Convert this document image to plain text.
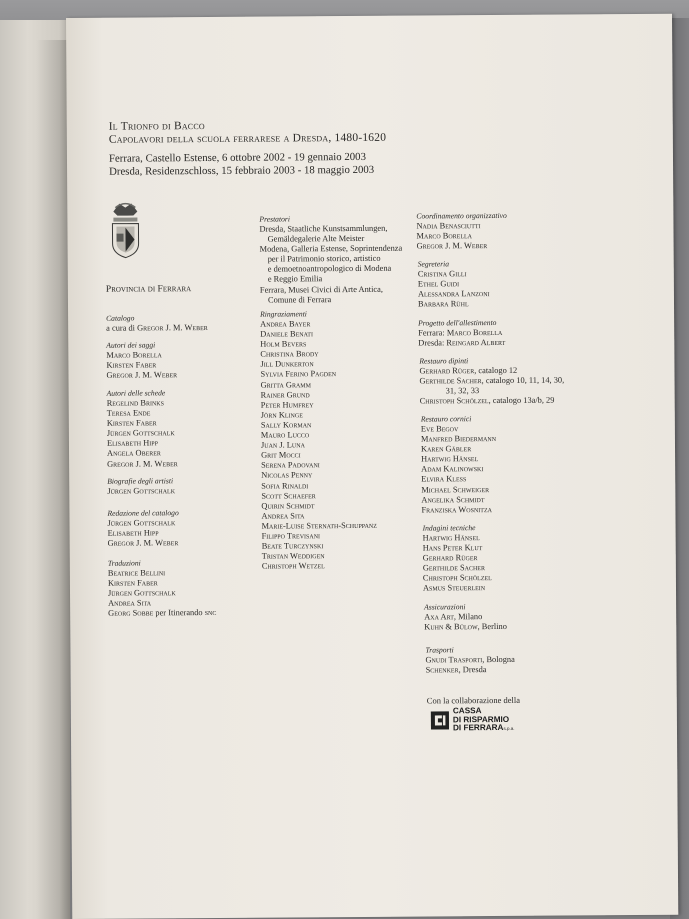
Il Trionfo di Bacco
Capolavori della scuola ferrarese a Dresda, 1480-1620
Ferrara, Castello Estense, 6 ottobre 2002 - 19 gennaio 2003
Dresda, Residenzschloss, 15 febbraio 2003 - 18 maggio 2003
Provincia di Ferrara
Catalogo
a cura di Gregor J. M. Weber
Autori dei saggi
Marco Borella
Kirsten Faber
Gregor J. M. Weber
Autori delle schede
Regelind Brinks
Teresa Ende
Kirsten Faber
Jürgen Gottschalk
Elisabeth Hipp
Angela Oberer
Gregor J. M. Weber
Biografie degli artisti
Jürgen Gottschalk
Redazione del catalogo
Jürgen Gottschalk
Elisabeth Hipp
Gregor J. M. Weber
Traduzioni
Beatrice Bellini
Kirsten Faber
Jürgen Gottschalk
Andrea Sita
Georg Sobbe per Itinerando snc
Prestatori
Dresda, Staatliche Kunstsammlungen,
Gemäldegalerie Alte Meister
Modena, Galleria Estense, Soprintendenza
per il Patrimonio storico, artistico
e demoetnoantropologico di Modena
e Reggio Emilia
Ferrara, Musei Civici di Arte Antica,
Comune di Ferrara
Ringraziamenti
Andrea Bayer
Daniele Benati
Holm Bevers
Christina Brody
Jill Dunkerton
Sylvia Ferino Pagden
Gritta Gramm
Rainer Grund
Peter Humfrey
Jörn Klinge
Sally Korman
Mauro Lucco
Juan J. Luna
Grit Mocci
Serena Padovani
Nicolas Penny
Sofia Rinaldi
Scott Schaefer
Quirin Schmidt
Andrea Sita
Marie-Luise Sternath-Schuppanz
Filippo Trevisani
Beate Turczynski
Tristan Weddigen
Christoph Wetzel
Coordinamento organizzativo
Nadia Benasciutti
Marco Borella
Gregor J. M. Weber
Segreteria
Cristina Gilli
Ethel Guidi
Alessandra Lanzoni
Barbara Rühl
Progetto dell'allestimento
Ferrara: Marco Borella
Dresda: Reingard Albert
Restauro dipinti
Gerhard Rüger, catalogo 12
Gerthilde Sacher, catalogo 10, 11, 14, 30,
31, 32, 33
Christoph Schölzel, catalogo 13a/b, 29
Restauro cornici
Eve Begov
Manfred Biedermann
Karen Gäbler
Hartwig Hänsel
Adam Kalinowski
Elvira Kless
Michael Schweiger
Angelika Schmidt
Franziska Wosnitza
Indagini tecniche
Hartwig Hänsel
Hans Peter Klut
Gerhard Rüger
Gerthilde Sacher
Christoph Schölzel
Asmus Steuerlein
Assicurazioni
Axa Art, Milano
Kuhn & Bülow, Berlino
Trasporti
Gnudi Trasporti, Bologna
Schenker, Dresda
Con la collaborazione della
CASSA
DI RISPARMIO
DI FERRARAs.p.a.
